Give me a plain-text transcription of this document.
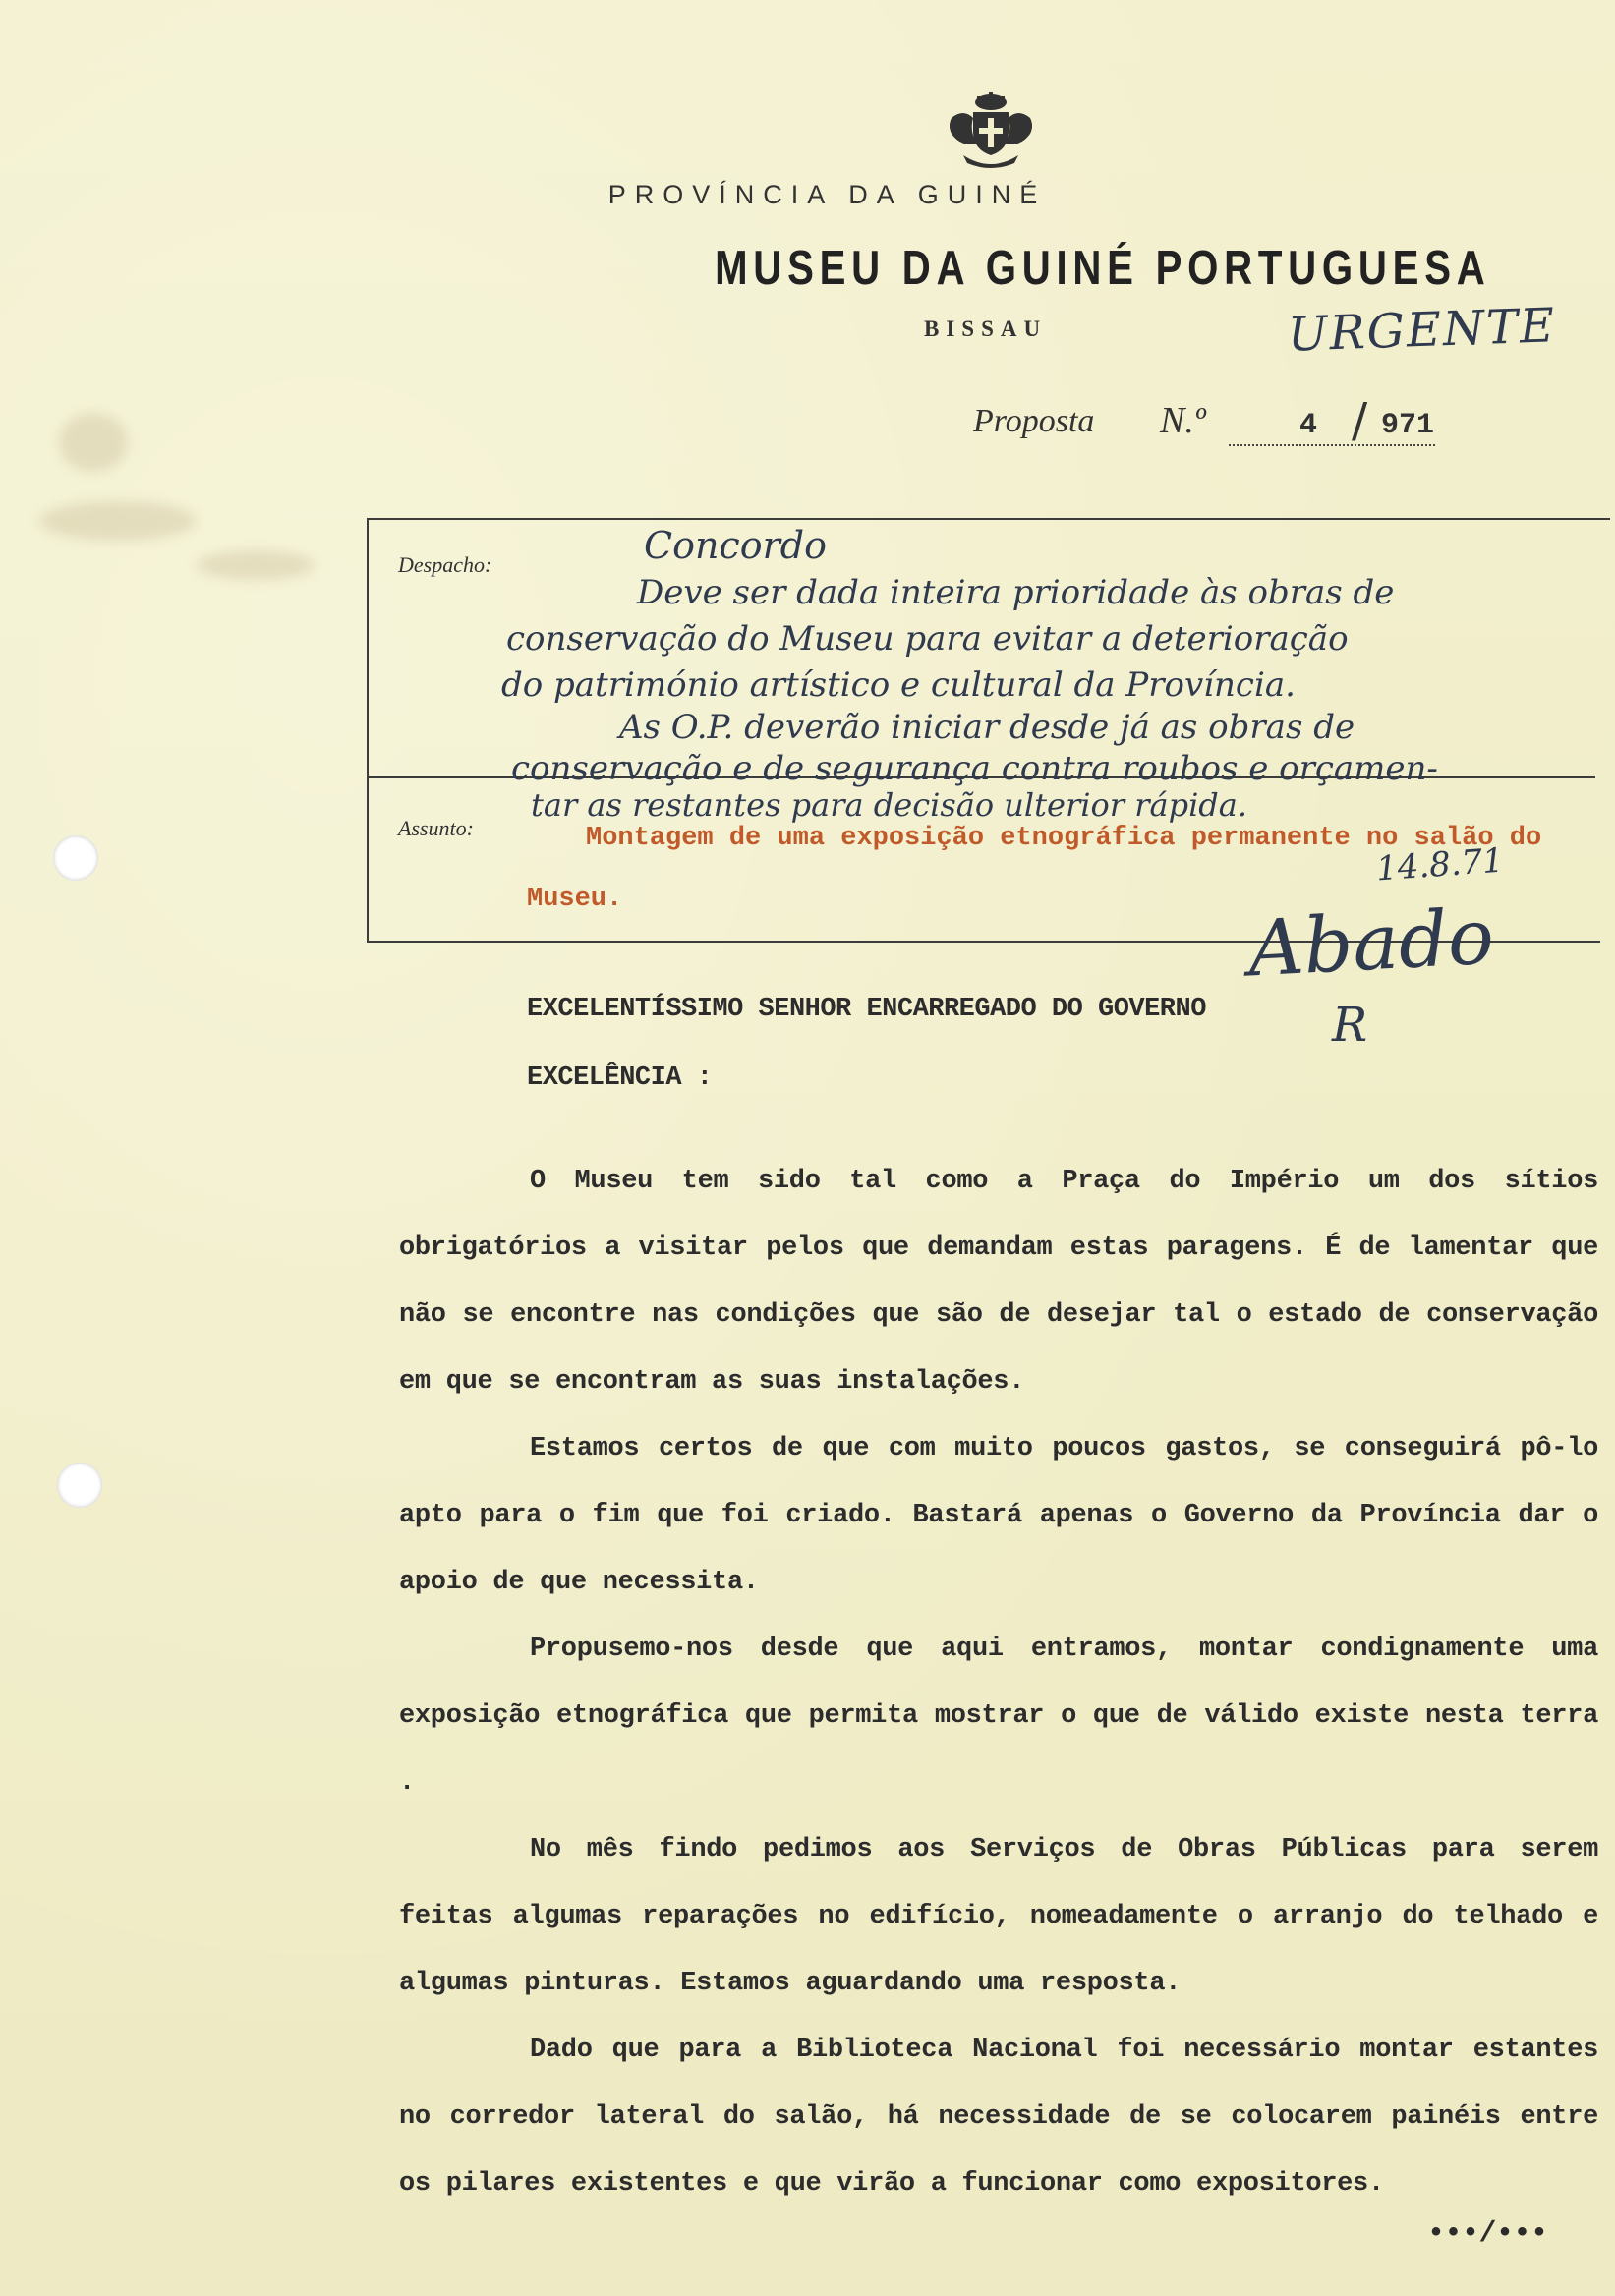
PROVÍNCIA DA GUINÉ
MUSEU DA GUINÉ PORTUGUESA
BISSAU	URGENTE
Proposta N.º	4 / 971
Despacho:
Assunto:	Montagem de uma exposição etnográfica permanente no salão do Museu.
Concordo
Deve ser dada inteira prioridade às obras de
conservação do Museu para evitar a deterioração
do património artístico e cultural da Província.
As O.P. deverão iniciar desde já as obras de
conservação e de segurança contra roubos e orçamen-
tar as restantes para decisão ulterior rápida.
14.8.71
Abado
R
EXCELENTÍSSIMO SENHOR ENCARREGADO DO GOVERNO
EXCELÊNCIA :

O Museu tem sido tal como a Praça do Império um dos sítios obrigatórios a visitar pelos que demandam estas paragens. É de lamentar que não se encontre nas condições que são de desejar tal o estado de conservação em que se encontram as suas instalações.

Estamos certos de que com muito poucos gastos, se conseguirá pô-lo apto para o fim que foi criado. Bastará apenas o Governo da Província dar o apoio de que necessita.

Propusemo-nos desde que aqui entramos, montar condignamente uma exposição etnográfica que permita mostrar o que de válido existe nesta terra .

No mês findo pedimos aos Serviços de Obras Públicas para serem feitas algumas reparações no edifício, nomeadamente o arranjo do telhado e algumas pinturas. Estamos aguardando uma resposta.

Dado que para a Biblioteca Nacional foi necessário montar estantes no corredor lateral do salão, há necessidade de se colocarem painéis entre os pilares existentes e que virão a funcionar como expositores.

•••/•••
